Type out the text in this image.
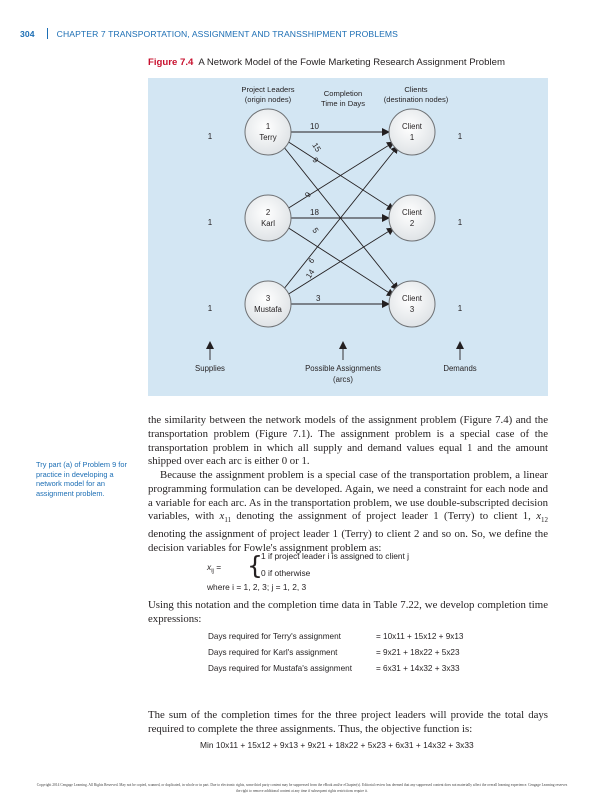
304	CHAPTER 7 TRANSPORTATION, ASSIGNMENT AND TRANSSHIPMENT PROBLEMS
Figure 7.4 A Network Model of the Fowle Marketing Research Assignment Problem
Project Leaders
(origin nodes)
Completion
Time in Days
Clients
(destination nodes)
10
15
9
9
18
5
6
14
3
1
Terry
2
Karl
3
Mustafa
Client
1
Client
2
Client
3
1
1
1
1
1
1
Supplies	Possible Assignments
(arcs)
Demands

the similarity between the network models of the assignment problem (Figure 7.4) and the transportation problem (Figure 7.1). The assignment problem is a special case of the transportation problem in which all supply and demand values equal 1 and the amount shipped over each arc is either 0 or 1.

Try part (a) of Problem 9 for practice in developing a network model for an assignment problem.

Because the assignment problem is a special case of the transportation problem, a linear programming formulation can be developed. Again, we need a constraint for each node and a variable for each arc. As in the transportation problem, we use double-subscripted decision variables, with $x_{11}$ denoting the assignment of project leader 1 (Terry) to client 1, $x_{12}$ denoting the assignment of project leader 1 (Terry) to client 2 and so on. So, we define the decision variables for Fowle's assignment problem as:

$x_{ij}$ = {
1 if project leader i is assigned to client j
0 if otherwise
where i = 1, 2, 3; j = 1, 2, 3

Using this notation and the completion time data in Table 7.22, we develop completion time expressions:

Days required for Terry's assignment	= 10x11 + 15x12 + 9x13
Days required for Karl's assignment	= 9x21 + 18x22 + 5x23
Days required for Mustafa's assignment	= 6x31 + 14x32 + 3x33

The sum of the completion times for the three project leaders will provide the total days required to complete the three assignments. Thus, the objective function is:

Min 10x11 + 15x12 + 9x13 + 9x21 + 18x22 + 5x23 + 6x31 + 14x32 + 3x33
Copyright 2014 Cengage Learning. All Rights Reserved. May not be copied, scanned, or duplicated, in whole or in part. Due to electronic rights, some third party content may be suppressed from the eBook and/or eChapter(s). Editorial review has deemed that any suppressed content does not materially affect the overall learning experience. Cengage Learning reserves the right to remove additional content at any time if subsequent rights restrictions require it.
